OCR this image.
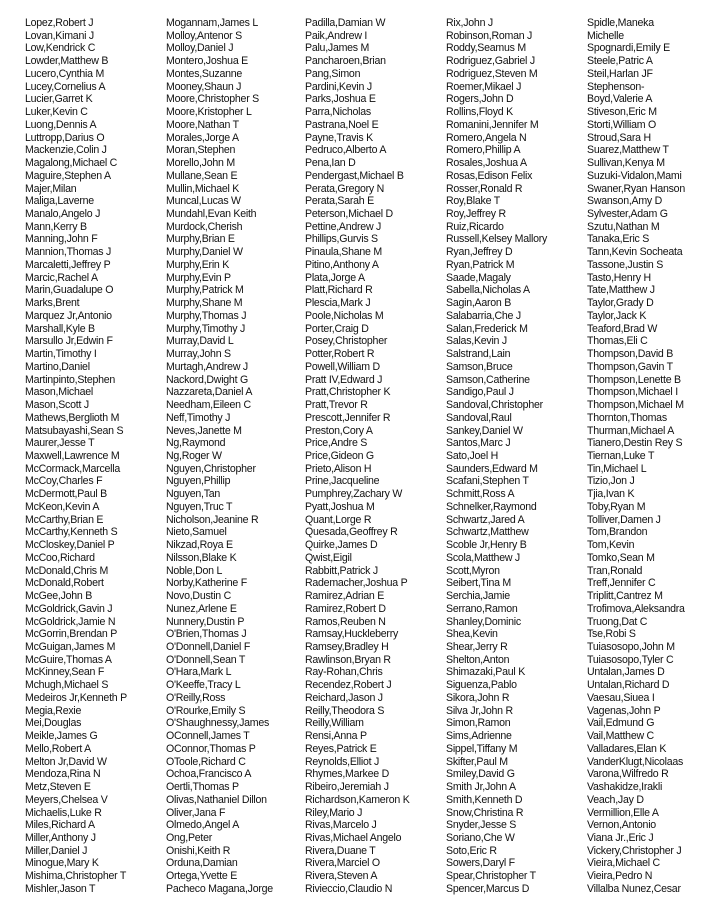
Lopez,Robert J
Lovan,Kimani J
Low,Kendrick C
Lowder,Matthew B
Lucero,Cynthia M
Lucey,Cornelius A
Lucier,Garret K
Luker,Kevin C
Luong,Dennis A
Luttropp,Darius O
Mackenzie,Colin J
Magalong,Michael C
Maguire,Stephen A
Majer,Milan
Maliga,Laverne
Manalo,Angelo J
Mann,Kerry B
Manning,John F
Mannion,Thomas J
Marcaletti,Jeffrey P
Marcic,Rachel A
Marin,Guadalupe O
Marks,Brent
Marquez Jr,Antonio
Marshall,Kyle B
Marsullo Jr,Edwin F
Martin,Timothy I
Martino,Daniel
Martinpinto,Stephen
Mason,Michael
Mason,Scott J
Mathews,Berglioth M
Matsubayashi,Sean S
Maurer,Jesse T
Maxwell,Lawrence M
McCormack,Marcella
McCoy,Charles F
McDermott,Paul B
McKeon,Kevin A
McCarthy,Brian E
McCarthy,Kenneth S
McCloskey,Daniel P
McCoo,Richard
McDonald,Chris M
McDonald,Robert
McGee,John B
McGoldrick,Gavin J
McGoldrick,Jamie N
McGorrin,Brendan P
McGuigan,James M
McGuire,Thomas A
McKinney,Sean F
Mchugh,Michael S
Medeiros Jr,Kenneth P
Megia,Rexie
Mei,Douglas
Meikle,James G
Mello,Robert A
Melton Jr,David W
Mendoza,Rina N
Metz,Steven E
Meyers,Chelsea V
Michaelis,Luke R
Miles,Richard A
Miller,Anthony J
Miller,Daniel J
Minogue,Mary K
Mishima,Christopher T
Mishler,Jason T
Mogannam,James L
Molloy,Antenor S
Molloy,Daniel J
Montero,Joshua E
Montes,Suzanne
Mooney,Shaun J
Moore,Christopher S
Moore,Kristopher L
Moore,Nathan T
Morales,Jorge A
Moran,Stephen
Morello,John M
Mullane,Sean E
Mullin,Michael K
Muncal,Lucas W
Mundahl,Evan Keith
Murdock,Cherish
Murphy,Brian E
Murphy,Daniel W
Murphy,Erin K
Murphy,Evin P
Murphy,Patrick M
Murphy,Shane M
Murphy,Thomas J
Murphy,Timothy J
Murray,David L
Murray,John S
Murtagh,Andrew J
Nackord,Dwight G
Nazzareta,Daniel A
Needham,Eileen C
Neff,Timothy J
Neves,Janette M
Ng,Raymond
Ng,Roger W
Nguyen,Christopher
Nguyen,Phillip
Nguyen,Tan
Nguyen,Truc T
Nicholson,Jeanine R
Nieto,Samuel
Nikzad,Roya E
Nilsson,Blake K
Noble,Don L
Norby,Katherine F
Novo,Dustin C
Nunez,Arlene E
Nunnery,Dustin P
O'Brien,Thomas J
O'Donnell,Daniel F
O'Donnell,Sean T
O'Hara,Mark L
O'Keeffe,Tracy L
O'Reilly,Ross
O'Rourke,Emily S
O'Shaughnessy,James
OConnell,James T
OConnor,Thomas P
OToole,Richard C
Ochoa,Francisco A
Oertli,Thomas P
Olivas,Nathaniel Dillon
Oliver,Jana F
Olmedo,Angel A
Ong,Peter
Onishi,Keith R
Orduna,Damian
Ortega,Yvette E
Pacheco Magana,Jorge
Padilla,Damian W
Paik,Andrew I
Palu,James M
Pancharoen,Brian
Pang,Simon
Pardini,Kevin J
Parks,Joshua E
Parra,Nicholas
Pastrana,Noel E
Payne,Travis K
Pedruco,Alberto A
Pena,Ian D
Pendergast,Michael B
Perata,Gregory N
Perata,Sarah E
Peterson,Michael D
Pettine,Andrew J
Phillips,Gurvis S
Pinaula,Shane M
Pitino,Anthony A
Plata,Jorge A
Platt,Richard R
Plescia,Mark J
Poole,Nicholas M
Porter,Craig D
Posey,Christopher
Potter,Robert R
Powell,William D
Pratt IV,Edward J
Pratt,Christopher K
Pratt,Trevor R
Prescott,Jennifer R
Preston,Cory A
Price,Andre S
Price,Gideon G
Prieto,Alison H
Prine,Jacqueline
Pumphrey,Zachary W
Pyatt,Joshua M
Quant,Lorge R
Quesada,Geoffrey R
Quirke,James D
Qwist,Eigil
Rabbitt,Patrick J
Rademacher,Joshua P
Ramirez,Adrian E
Ramirez,Robert D
Ramos,Reuben N
Ramsay,Huckleberry
Ramsey,Bradley H
Rawlinson,Bryan R
Ray-Rohan,Chris
Recendez,Robert J
Reichard,Jason J
Reilly,Theodora S
Reilly,William
Rensi,Anna P
Reyes,Patrick E
Reynolds,Elliot J
Rhymes,Markee D
Ribeiro,Jeremiah J
Richardson,Kameron K
Riley,Mario J
Rivas,Marcelo J
Rivas,Michael Angelo
Rivera,Duane T
Rivera,Marciel O
Rivera,Steven A
Rivieccio,Claudio N
Rix,John J
Robinson,Roman J
Roddy,Seamus M
Rodriguez,Gabriel J
Rodriguez,Steven M
Roemer,Mikael J
Rogers,John D
Rollins,Floyd K
Romanini,Jennifer M
Romero,Angela N
Romero,Phillip A
Rosales,Joshua A
Rosas,Edison Felix
Rosser,Ronald R
Roy,Blake T
Roy,Jeffrey R
Ruiz,Ricardo
Russell,Kelsey Mallory
Ryan,Jeffrey D
Ryan,Patrick M
Saade,Magaly
Sabella,Nicholas A
Sagin,Aaron B
Salabarria,Che J
Salan,Frederick M
Salas,Kevin J
Salstrand,Lain
Samson,Bruce
Samson,Catherine
Sandigo,Paul J
Sandoval,Christopher
Sandoval,Raul
Sankey,Daniel W
Santos,Marc J
Sato,Joel H
Saunders,Edward M
Scafani,Stephen T
Schmitt,Ross A
Schnelker,Raymond
Schwartz,Jared A
Schwartz,Matthew
Scoble Jr,Henry B
Scola,Matthew J
Scott,Myron
Seibert,Tina M
Serchia,Jamie
Serrano,Ramon
Shanley,Dominic
Shea,Kevin
Shear,Jerry R
Shelton,Anton
Shimazaki,Paul K
Siguenza,Pablo
Sikora,John R
Silva Jr,John R
Simon,Ramon
Sims,Adrienne
Sippel,Tiffany M
Skifter,Paul M
Smiley,David G
Smith Jr,John A
Smith,Kenneth D
Snow,Christina R
Snyder,Jesse S
Soriano,Che W
Soto,Eric R
Sowers,Daryl F
Spear,Christopher T
Spencer,Marcus D
Spidle,Maneka
Michelle
Spognardi,Emily E
Steele,Patric A
Steil,Harlan JF
Stephenson-
Boyd,Valerie A
Stiveson,Eric M
Storti,William O
Stroud,Sara H
Suarez,Matthew T
Sullivan,Kenya M
Suzuki-Vidalon,Mami
Swaner,Ryan Hanson
Swanson,Amy D
Sylvester,Adam G
Szutu,Nathan M
Tanaka,Eric S
Tann,Kevin Socheata
Tassone,Justin S
Tasto,Henry H
Tate,Matthew J
Taylor,Grady D
Taylor,Jack K
Teaford,Brad W
Thomas,Eli C
Thompson,David B
Thompson,Gavin T
Thompson,Lenette B
Thompson,Michael I
Thompson,Michael M
Thornton,Thomas
Thurman,Michael A
Tianero,Destin Rey S
Tiernan,Luke T
Tin,Michael L
Tizio,Jon J
Tjia,Ivan K
Toby,Ryan M
Tolliver,Damen J
Tom,Brandon
Tom,Kevin
Tomko,Sean M
Tran,Ronald
Treff,Jennifer C
Triplitt,Cantrez M
Trofimova,Aleksandra
Truong,Dat C
Tse,Robi S
Tuiasosopo,John M
Tuiasosopo,Tyler C
Untalan,James D
Untalan,Richard D
Vaesau,Siuea I
Vagenas,John P
Vail,Edmund G
Vail,Matthew C
Valladares,Elan K
VanderKlugt,Nicolaas
Varona,Wilfredo R
Vashakidze,Irakli
Veach,Jay D
Vermillion,Elle A
Vernon,Antonio
Viana Jr.,Eric J
Vickery,Christopher J
Vieira,Michael C
Vieira,Pedro N
Villalba Nunez,Cesar
